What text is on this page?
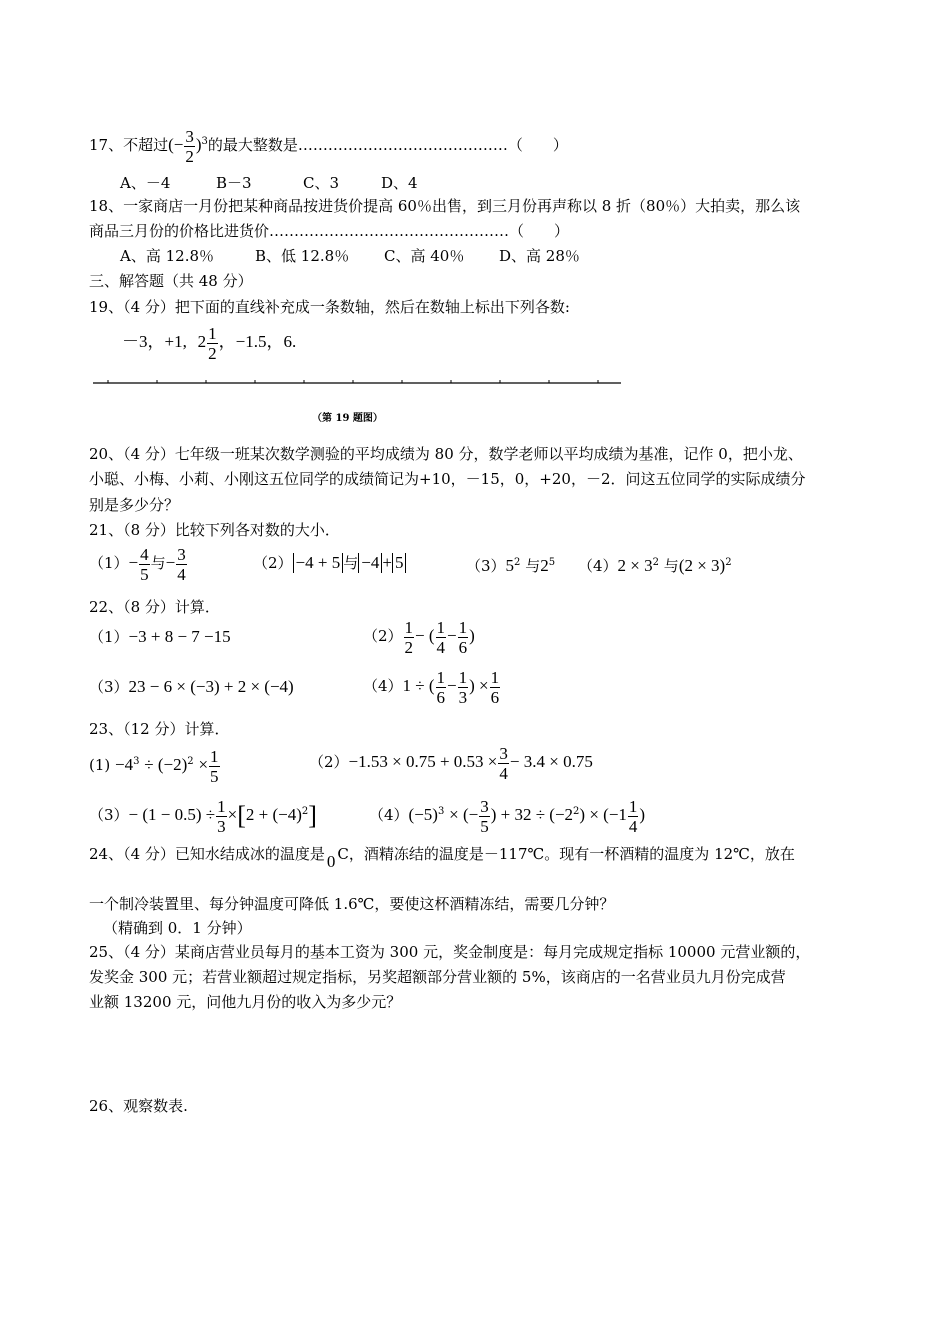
17、不超过(− $\frac{3}{2} )^3$的最大整数是……………………………………（　　）
A、－4	B－3	C、3	D、4
18、一家商店一月份把某种商品按进货价提高 60％出售，到三月份再声称以 8 折（80％）大拍卖，那么该
商品三月份的价格比进货价…………………………………………（　　）
A、高 12.8％	B、低 12.8％ C、高 40％ D、高 28％
三、解答题（共 48 分）
19、（4 分）把下面的直线补充成一条数轴，然后在数轴上标出下列各数:
－3，+1, $2 \frac{1}{2}$ ，−1.5，6.
（第 19 题图）
20、（4 分）七年级一班某次数学测验的平均成绩为 80 分，数学老师以平均成绩为基准，记作 0，把小龙、
小聪、小梅、小莉、小刚这五位同学的成绩简记为+10，－15，0，+20，－2．问这五位同学的实际成绩分
别是多少分？
21、（8 分）比较下列各对数的大小．
$(1)- \frac{4}{5}$ 与− $\frac{3}{4}$	（2） −4 + 5 与 −4 + 5	$(3)5^2$ 与$2^5$ $(4)2 \times 3^2$ 与$(2 \times 3)^2$
22、（8 分）计算．
（1）−3 + 8 − 7 −15	$(2) \frac{1}{2}$ − ( $\frac{1}{4} - \frac{1}{6}$ )
（3）23 − 6 × (−3) + 2 × (−4)	（4）1 ÷ ( $\frac{1}{6} - \frac{1}{3}$ ) × $\frac{1}{6}$
23、（12 分）计算．
$(1) -4^3 \div (-2)^2 \times \frac{1}{5}$	$(2)-1.53 \times 0.75 + 0.53 \times \frac{3}{4} - 3.4 \times 0.75$
$(3)- (1 - 0.5) \div \frac{1}{3} \times[2 + (-4)^2]$	$(4)(-5)^3$ × (− $\frac{3}{5}$ ) + $32 \div (-2^2) \times (-1 \frac{1}{4}$ )
24、（4 分）已知水结成冰的温度是 0 C，酒精冻结的温度是－117℃。现有一杯酒精的温度为 12℃，放在
一个制冷装置里、每分钟温度可降低 1.6℃，要使这杯酒精冻结，需要几分钟？
（精确到 0．1 分钟）
25、（4 分）某商店营业员每月的基本工资为 300 元，奖金制度是：每月完成规定指标 10000 元营业额的，
发奖金 300 元；若营业额超过规定指标，另奖超额部分营业额的 5%，该商店的一名营业员九月份完成营
业额 13200 元，问他九月份的收入为多少元？
26、观察数表.
